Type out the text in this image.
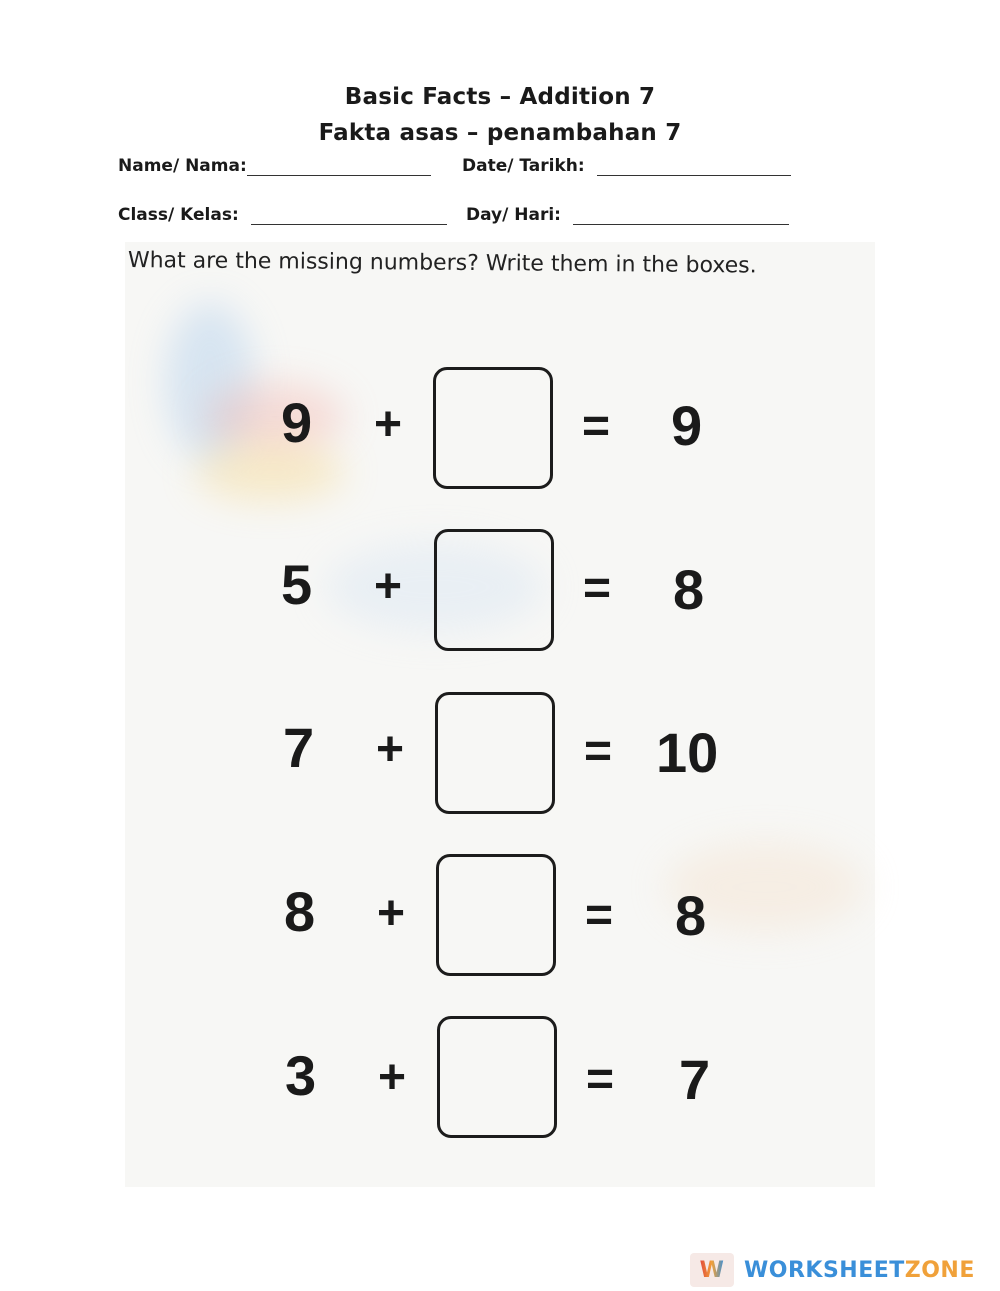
Basic Facts – Addition 7
Fakta asas – penambahan 7
Name/ Nama:	Date/ Tarikh:
Class/ Kelas:	Day/ Hari:
What are the missing numbers? Write them in the boxes.
9 +	= 9
5 +	= 8
7 +	= 10
8 +	= 8
3 +	= 7
W WORKSHEET ZONE
